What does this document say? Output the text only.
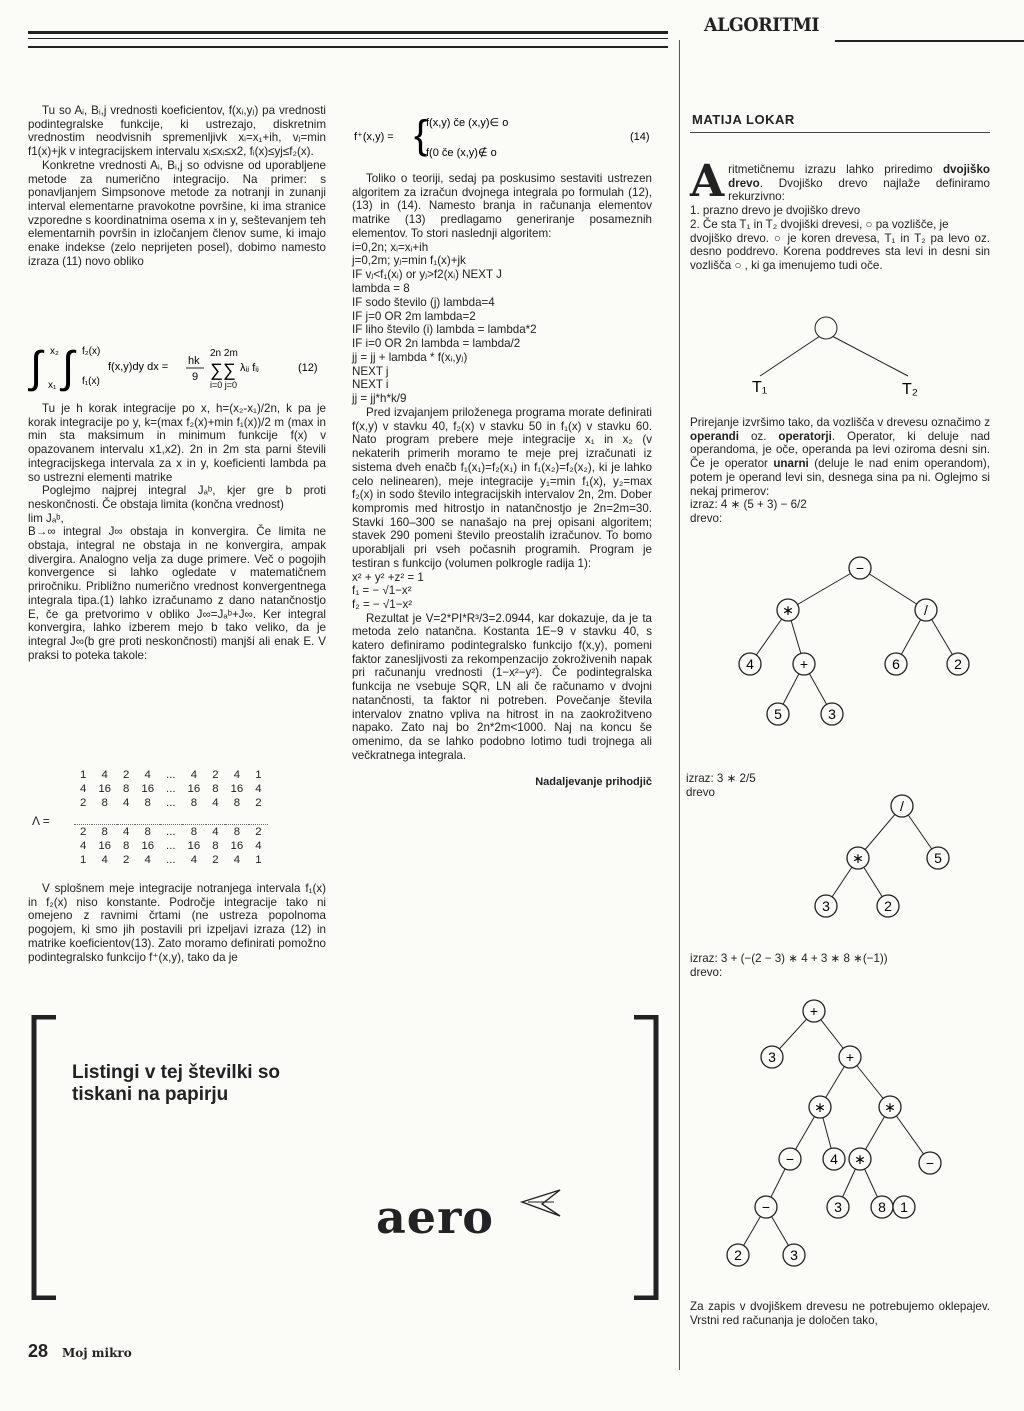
ALGORITMI

Tu so Aᵢ, Bᵢ,j vrednosti koeficientov, f(xᵢ,yⱼ) pa vrednosti podintegralske funkcije, ki ustrezajo, diskretnim vrednostim neodvisnih spremenljivk xᵢ=x₁+ih, vⱼ=min f1(x)+jk v integracijskem intervalu xᵢ≤xᵢ≤x2, fᵢ(x)≤yj≤f₂(x).

Konkretne vrednosti Aᵢ, Bᵢ,j so odvisne od uporabljene metode za numerično integracijo. Na primer: s ponavljanjem Simpsonove metode za notranji in zunanji interval elementarne pravokotne površine, ki ima stranice vzporedne s koordinatnima osema x in y, seštevanjem teh elementarnih površin in izločanjem členov sume, ki imajo enake indekse (zelo neprijeten posel), dobimo namesto izraza (11) novo obliko

∫ x₂
x₁ ∫ f₂(x)
f₁(x)
f(x,y)dy dx = hk
9
2n 2m
∑∑
i=0 j=0
λᵢⱼ fᵢⱼ	(12)

Tu je h korak integracije po x, h=(x₂-x₁)/2n, k pa je korak integracije po y, k=(max f₂(x)+min f₁(x))/2 m (max in min sta maksimum in minimum funkcije f(x) v opazovanem intervalu x1,x2). 2n in 2m sta parni števili integracijskega intervala za x in y, koeficienti lambda pa so ustrezni elementi matrike

Poglejmo najprej integral Jₐᵇ, kjer gre b proti neskončnosti. Če obstaja limita (končna vrednost)

lim Jₐᵇ,

B→∞ integral J∞ obstaja in konvergira. Če limita ne obstaja, integral ne obstaja in ne konvergira, ampak divergira. Analogno velja za duge primere. Več o pogojih konvergence si lahko ogledate v matematičnem priročniku. Približno numerično vrednost konvergentnega integrala tipa.(1) lahko izračunamo z dano natančnostjo E, če ga pretvorimo v obliko J∞=Jₐᵇ+J∞. Ker integral konvergira, lahko izberem mejo b tako veliko, da je integral J∞(b gre proti neskončnosti) manjši ali enak E. V praksi to poteka takole:

Λ =
1	4	2	4	...	4	2	4	1
4	16	8	16	...	16	8	16	4
2	8	4	8	...	8	4	8	2

2	8	4	8	...	8	4	8	2
4	16	8	16	...	16	8	16	4
1	4	2	4	...	4	2	4	1

V splošnem meje integracije notranjega intervala f₁(x) in f₂(x) niso konstante. Področje integracije tako ni omejeno z ravnimi črtami (ne ustreza popolnoma pogojem, ki smo jih postavili pri izpeljavi izraza (12) in matrike koeficientov(13). Zato moramo definirati pomožno podintegralsko funkcijo f⁺(x,y), tako da je

f⁺(x,y) = {
f(x,y) če (x,y)∈ o
f(0 če (x,y)∉ o
(14)

Toliko o teoriji, sedaj pa poskusimo sestaviti ustrezen algoritem za izračun dvojnega integrala po formulah (12), (13) in (14). Namesto branja in računanja elementov matrike (13) predlagamo generiranje posameznih elementov. To stori naslednji algoritem:

i=0,2n; xᵢ=xᵢ+ih
j=0,2m; yⱼ=min f₁(x)+jk
IF vⱼ<f₁(xᵢ) or yⱼ>f2(xᵢ) NEXT J
lambda = 8
IF sodo število (j) lambda=4
IF j=0 OR 2m lambda=2
IF liho število (i) lambda = lambda*2
IF i=0 OR 2n lambda = lambda/2
jj = jj + lambda * f(xᵢ,yⱼ)
NEXT j
NEXT i
jj = jj*h*k/9

Pred izvajanjem priloženega programa morate definirati f(x,y) v stavku 40, f₂(x) v stavku 50 in f₁(x) v stavku 60. Nato program prebere meje integracije x₁ in x₂ (v nekaterih primerih moramo te meje prej izračunati iz sistema dveh enačb f₁(x₁)=f₂(x₁) in f₁(x₂)=f₂(x₂), ki je lahko celo nelinearen), meje integracije y₁=min f₁(x), y₂=max f₂(x) in sodo število integracijskih intervalov 2n, 2m. Dober kompromis med hitrostjo in natančnostjo je 2n=2m=30. Stavki 160–300 se nanašajo na prej opisani algoritem; stavek 290 pomeni število preostalih izračunov. To bomo uporabljali pri vseh počasnih programih. Program je testiran s funkcijo (volumen polkrogle radija 1):

x² + y² +z² = 1
f₁ = − √1−x²
f₂ = − √1−x²

Rezultat je V=2*PI*R³/3=2.0944, kar dokazuje, da je ta metoda zelo natančna. Kostanta 1E−9 v stavku 40, s katero definiramo podintegralsko funkcijo f(x,y), pomeni faktor zanesljivosti za rekompenzacijo zokroživenih napak pri računanju vrednosti (1−x²−y²). Če podintegralska funkcija ne vsebuje SQR, LN ali če računamo v dvojni natančnosti, ta faktor ni potreben. Povečanje števila intervalov znatno vpliva na hitrost in na zaokrožitveno napako. Zato naj bo 2n*2m<1000. Naj na koncu še omenimo, da se lahko podobno lotimo tudi trojnega ali večkratnega integrala.

Nadaljevanje prihodjič

MATIJA LOKAR
A ritmetičnemu izrazu lahko priredimo dvojiško drevo. Dvojiško drevo najlaže definiramo rekurzivno:
1. prazno drevo je dvojiško drevo
2. Če sta T₁ in T₂ dvojiški drevesi, ○ pa vozlišče, je
dvojiško drevo. ○ je koren drevesa, T₁ in T₂ pa levo oz. desno poddrevo. Korena poddreves sta levi in desni sin vozlišča ○ , ki ga imenujemo tudi oče.
T₁	T₂

Prirejanje izvršimo tako, da vozlišča v drevesu označimo z operandi oz. operatorji. Operator, ki deluje nad operandoma, je oče, operanda pa levi oziroma desni sin. Če je operator unarni (deluje le nad enim operandom), potem je operand levi sin, desnega sina pa ni. Oglejmo si nekaj primerov:

izraz: 4 ∗ (5 + 3) − 6/2
drevo:
−
∗	/
4	+	6	2
5	3
izraz: 3 ∗ 2/5
drevo
/
∗	5
3	2
izraz: 3 + (−(2 − 3) ∗ 4 + 3 ∗ 8 ∗(−1))
drevo:
+
3	+
∗	∗
−	4 ∗	−
−	3	8 1
2	3

Za zapis v dvojiškem drevesu ne potrebujemo oklepajev. Vrstni red računanja je določen tako,

Listingi v tej številki so tiskani na papirju
aero
28 Moj mikro
